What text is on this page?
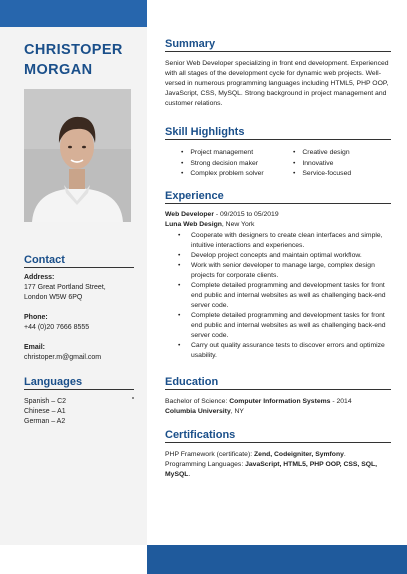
CHRISTOPER
MORGAN
Contact
Address:
177 Great Portland Street,
London W5W 6PQ
Phone:
+44 (0)20 7666 8555
Email:
christoper.m@gmail.com
Languages
Spanish – C2
Chinese – A1
German – A2
Summary
Senior Web Developer specializing in front end development. Experienced with all stages of the development cycle for dynamic web projects. Well-versed in numerous programming languages including HTML5, PHP OOP, JavaScript, CSS, MySQL. Strong background in project management and customer relations.
Skill Highlights
• Project management
• Strong decision maker
• Complex problem solver
• Creative design
• Innovative
• Service-focused
Experience
Web Developer - 09/2015 to 05/2019
Luna Web Design, New York
• Cooperate with designers to create clean interfaces and simple, intuitive interactions and experiences.
• Develop project concepts and maintain optimal workflow.
• Work with senior developer to manage large, complex design projects for corporate clients.
• Complete detailed programming and development tasks for front end public and internal websites as well as challenging back-end server code.
• Complete detailed programming and development tasks for front end public and internal websites as well as challenging back-end server code.
• Carry out quality assurance tests to discover errors and optimize usability.
Education
Bachelor of Science: Computer Information Systems - 2014
Columbia University, NY
Certifications
PHP Framework (certificate): Zend, Codeigniter, Symfony.
Programming Languages: JavaScript, HTML5, PHP OOP, CSS, SQL, MySQL.
